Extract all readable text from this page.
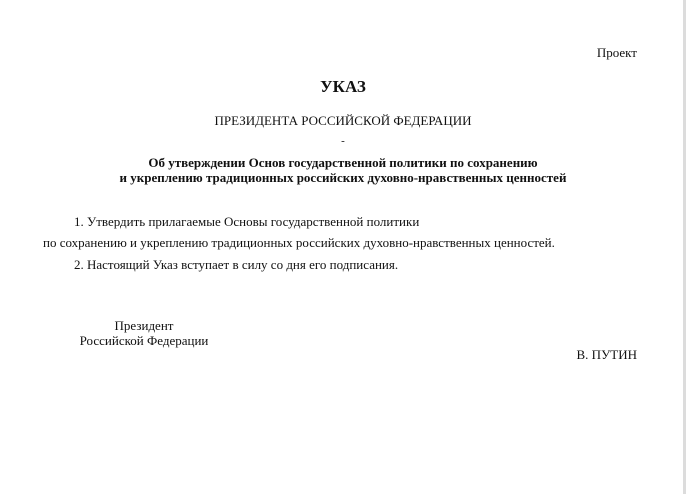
Проект
УКАЗ
ПРЕЗИДЕНТА РОССИЙСКОЙ ФЕДЕРАЦИИ
-
Об утверждении Основ государственной политики по сохранению
и укреплению традиционных российских духовно-нравственных ценностей
1. Утвердить прилагаемые Основы государственной политики
по сохранению и укреплению традиционных российских духовно-нравственных ценностей.
2. Настоящий Указ вступает в силу со дня его подписания.
Президент
Российской Федерации
В. ПУТИН
